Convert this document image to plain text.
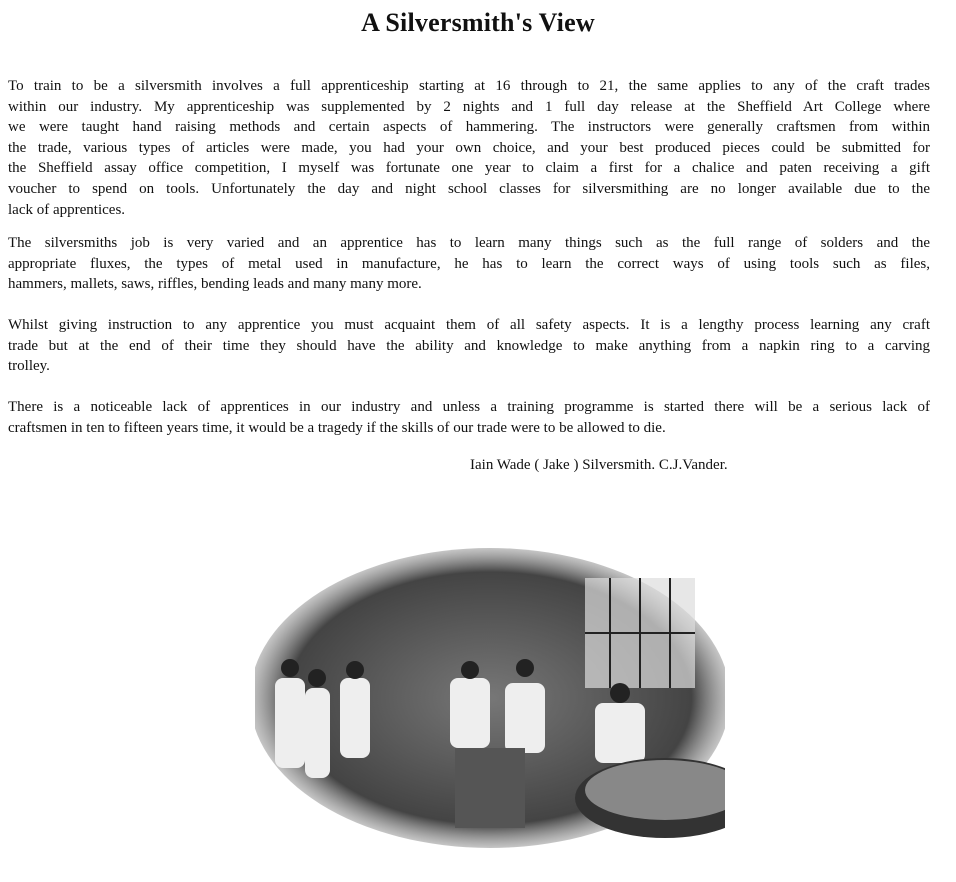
A Silversmith's View
To train to be a silversmith involves a full apprenticeship starting at 16 through to 21, the same applies to any of the craft trades
within our industry. My apprenticeship was supplemented by 2 nights and 1 full day release at the Sheffield Art College where
we were taught hand raising methods and certain aspects of hammering. The instructors were generally craftsmen from within
the trade, various types of articles were made, you had your own choice, and your best produced pieces could be submitted for
the Sheffield assay office competition, I myself was fortunate one year to claim a first for a chalice and paten receiving a gift
voucher to spend on tools. Unfortunately the day and night school classes for silversmithing are no longer available due to the
lack of apprentices.
The silversmiths job is very varied and an apprentice has to learn many things such as the full range of solders and the
appropriate fluxes, the types of metal used in manufacture, he has to learn the correct ways of using tools such as files,
hammers, mallets, saws, riffles, bending leads and many many more.
Whilst giving instruction to any apprentice you must acquaint them of all safety aspects. It is a lengthy process learning any craft
trade but at the end of their time they should have the ability and knowledge to make anything from a napkin ring to a carving
trolley.
There is a noticeable lack of apprentices in our industry and unless a training programme is started there will be a serious lack of
craftsmen in ten to fifteen years time, it would be a tragedy if the skills of our trade were to be allowed to die.
Iain Wade ( Jake ) Silversmith. C.J.Vander.
